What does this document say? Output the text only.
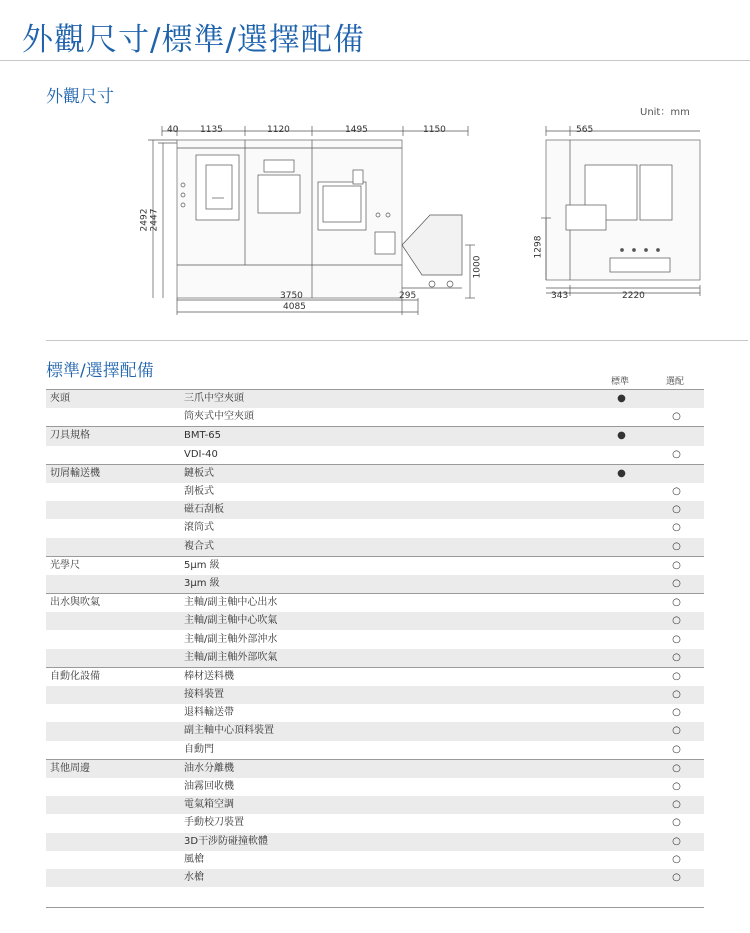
外觀尺寸/標準/選擇配備
外觀尺寸
Unit：mm
40 1135	1120	1495	1150
2492 2447
1000
3750	295
4085
565
1298
343	2220
標準/選擇配備
標準	選配
夾頭	三爪中空夾頭	●	
	筒夾式中空夾頭		○
刀具規格	BMT-65	●	
	VDI-40		○
切屑輸送機	鏈板式	●	
	刮板式		○
	磁石刮板		○
	滾筒式		○
	複合式		○
光學尺	5μm 級		○
	3μm 級		○
出水與吹氣	主軸/副主軸中心出水		○
	主軸/副主軸中心吹氣		○
	主軸/副主軸外部沖水		○
	主軸/副主軸外部吹氣		○
自動化設備	棒材送料機		○
	接料裝置		○
	退料輸送帶		○
	副主軸中心頂料裝置		○
	自動門		○
其他周邊	油水分離機		○
	油霧回收機		○
	電氣箱空調		○
	手動校刀裝置		○
	3D干涉防碰撞軟體		○
	風槍		○
	水槍		○
